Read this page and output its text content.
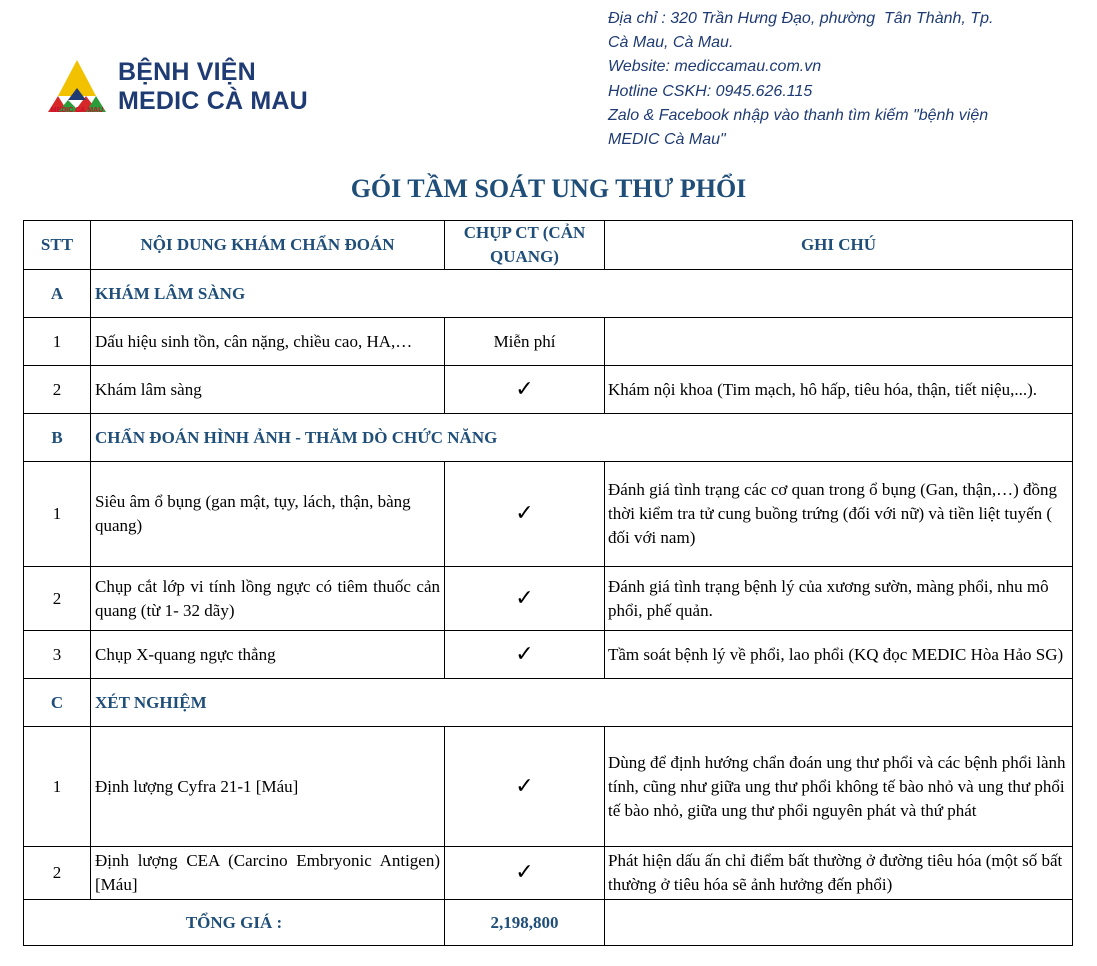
MEDIC CÀ MAU
BỆNH VIỆN
MEDIC CÀ MAU
Địa chỉ : 320 Trần Hưng Đạo, phường  Tân Thành, Tp.
Cà Mau, Cà Mau.
Website: mediccamau.com.vn
Hotline CSKH: 0945.626.115
Zalo & Facebook nhập vào thanh tìm kiếm "bệnh viện
MEDIC Cà Mau"
GÓI TẦM SOÁT UNG THƯ PHỔI
STT	NỘI DUNG KHÁM CHẨN ĐOÁN	CHỤP CT (CẢN QUANG)	GHI CHÚ
A	KHÁM LÂM SÀNG		
1	Dấu hiệu sinh tồn, cân nặng, chiều cao, HA,…	Miễn phí	
2	Khám lâm sàng	✓	Khám nội khoa (Tim mạch, hô hấp, tiêu hóa, thận, tiết niệu,...).
B	CHẨN ĐOÁN HÌNH ẢNH - THĂM DÒ CHỨC NĂNG		
1	Siêu âm ổ bụng (gan mật, tụy, lách, thận, bàng quang)	✓	Đánh giá tình trạng các cơ quan trong ổ bụng (Gan, thận,…) đồng thời kiểm tra tử cung buồng trứng (đối với nữ) và tiền liệt tuyến ( đối với nam)
2	Chụp cắt lớp vi tính lồng ngực có tiêm thuốc cản quang (từ 1- 32 dãy)	✓	Đánh giá tình trạng bệnh lý của xương sườn, màng phổi, nhu mô phổi, phế quản.
3	Chụp X-quang ngực thẳng	✓	Tầm soát bệnh lý về phổi, lao phổi (KQ đọc MEDIC Hòa Hảo SG)
C	XÉT NGHIỆM		
1	Định lượng Cyfra 21-1 [Máu]	✓	Dùng để định hướng chẩn đoán ung thư phổi và các bệnh phổi lành tính, cũng như giữa ung thư phổi không tế bào nhỏ và ung thư phổi tế bào nhỏ, giữa ung thư phổi nguyên phát và thứ phát
2	Định lượng CEA (Carcino Embryonic Antigen) [Máu]	✓	Phát hiện dấu ấn chỉ điểm bất thường ở đường tiêu hóa (một số bất thường ở tiêu hóa sẽ ảnh hưởng đến phổi)
TỔNG GIÁ :		2,198,800	
